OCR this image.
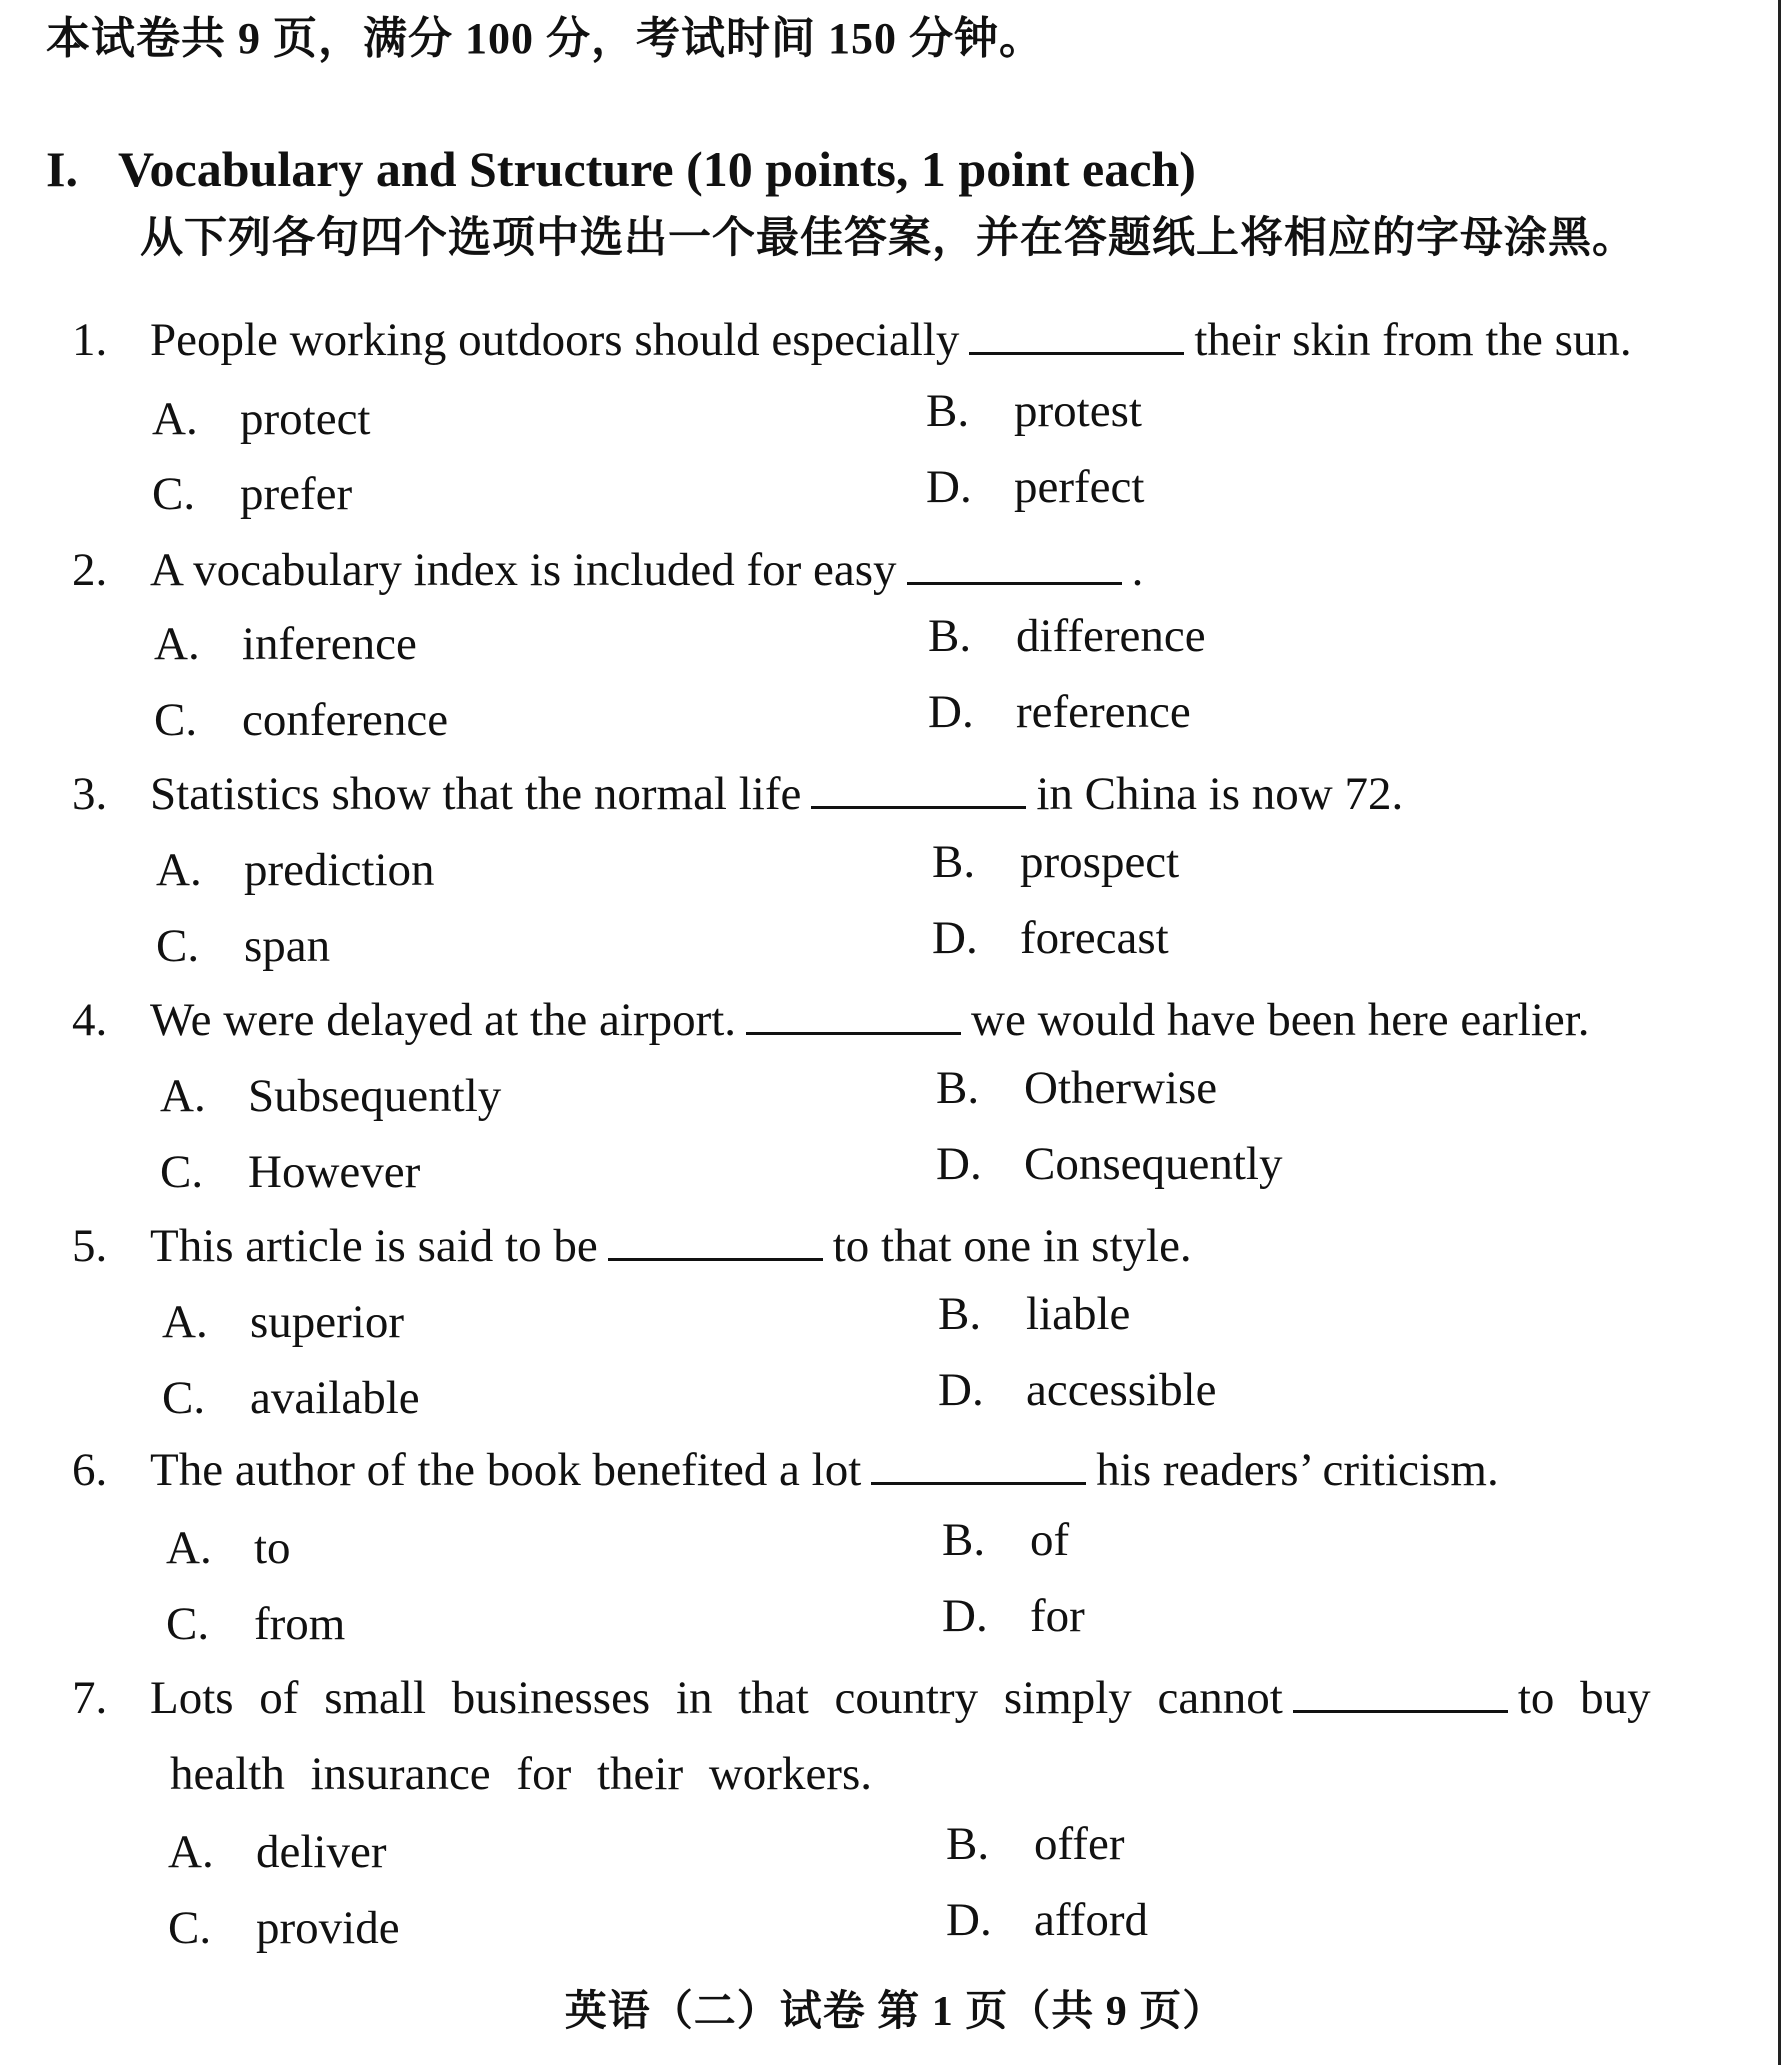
本试卷共 9 页，满分 100 分，考试时间 150 分钟。

I. Vocabulary and Structure (10 points, 1 point each)

从下列各句四个选项中选出一个最佳答案，并在答题纸上将相应的字母涂黑。

1. People working outdoors should especially	their skin from the sun.

A. protect	B. protest

C. prefer	D. perfect

2. A vocabulary index is included for easy	.

A. inference	B. difference

C. conference	D. reference

3. Statistics show that the normal life	in China is now 72.

A. prediction	B. prospect

C. span	D. forecast

4. We were delayed at the airport.	we would have been here earlier.

A. Subsequently	B. Otherwise

C. However	D. Consequently

5. This article is said to be	to that one in style.

A. superior	B. liable

C. available	D. accessible

6. The author of the book benefited a lot	his readers’ criticism.

A. to	B. of

C. from	D. for

7. Lots of small businesses in that country simply cannot	to buy
health insurance for their workers.

A. deliver	B. offer

C. provide	D. afford

英语（二）试卷 第 1 页（共 9 页）
